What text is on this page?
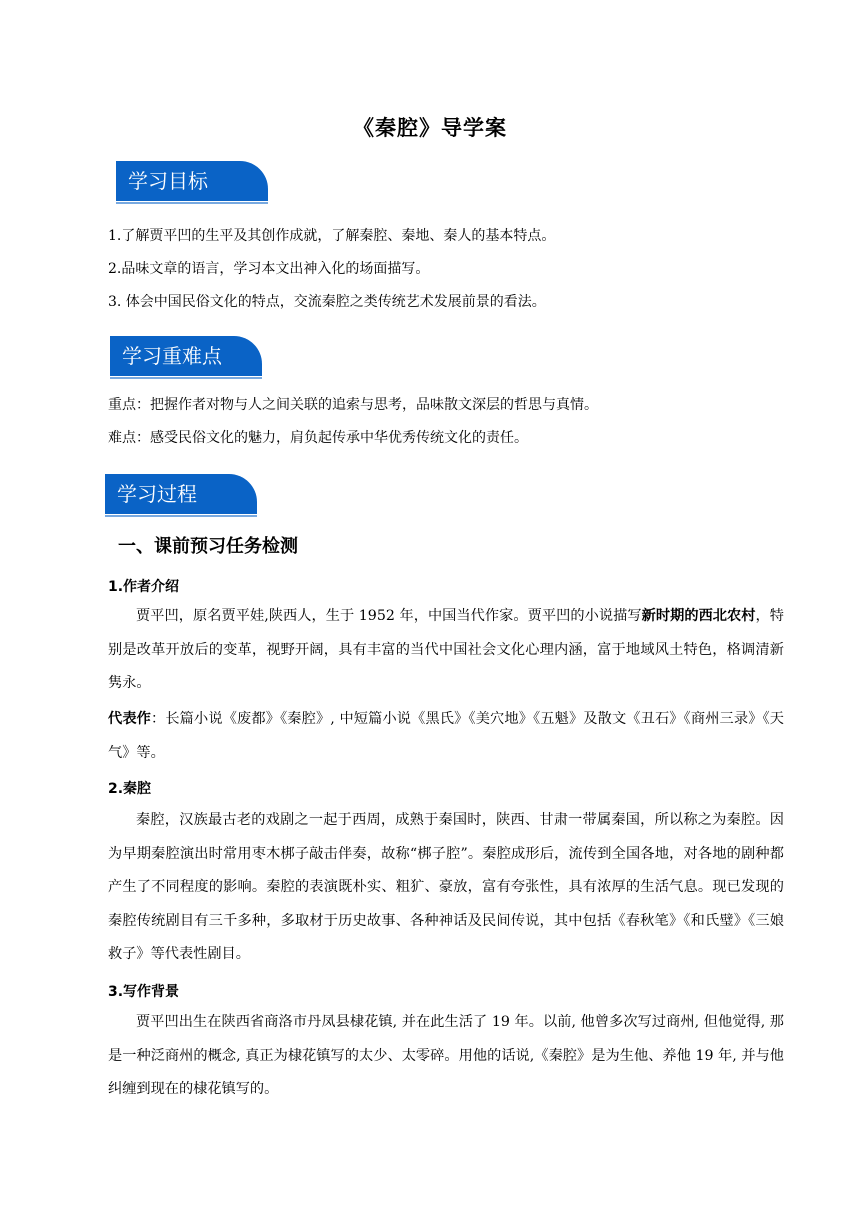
《秦腔》导学案
学习目标
1.了解贾平凹的生平及其创作成就，了解秦腔、秦地、秦人的基本特点。
2.品味文章的语言，学习本文出神入化的场面描写。
3. 体会中国民俗文化的特点，交流秦腔之类传统艺术发展前景的看法。
学习重难点
重点：把握作者对物与人之间关联的追索与思考，品味散文深层的哲思与真情。
难点：感受民俗文化的魅力，肩负起传承中华优秀传统文化的责任。
学习过程
一、课前预习任务检测
1.作者介绍
贾平凹，原名贾平娃,陕西人，生于 1952 年，中国当代作家。贾平凹的小说描写新时期的西北农村，特别是改革开放后的变革，视野开阔，具有丰富的当代中国社会文化心理内涵，富于地域风土特色，格调清新隽永。
代表作：长篇小说《废都》《秦腔》, 中短篇小说《黑氏》《美穴地》《五魁》及散文《丑石》《商州三录》《天气》等。
2.秦腔
秦腔，汉族最古老的戏剧之一起于西周，成熟于秦国时，陕西、甘肃一带属秦国，所以称之为秦腔。因为早期秦腔演出时常用枣木梆子敲击伴奏，故称“梆子腔”。秦腔成形后，流传到全国各地，对各地的剧种都产生了不同程度的影响。秦腔的表演既朴实、粗犷、豪放，富有夸张性，具有浓厚的生活气息。现已发现的秦腔传统剧目有三千多种，多取材于历史故事、各种神话及民间传说，其中包括《春秋笔》《和氏璧》《三娘救子》等代表性剧目。
3.写作背景
贾平凹出生在陕西省商洛市丹凤县棣花镇, 并在此生活了 19 年。以前, 他曾多次写过商州, 但他觉得, 那是一种泛商州的概念, 真正为棣花镇写的太少、太零碎。用他的话说,《秦腔》是为生他、养他 19 年, 并与他纠缠到现在的棣花镇写的。
